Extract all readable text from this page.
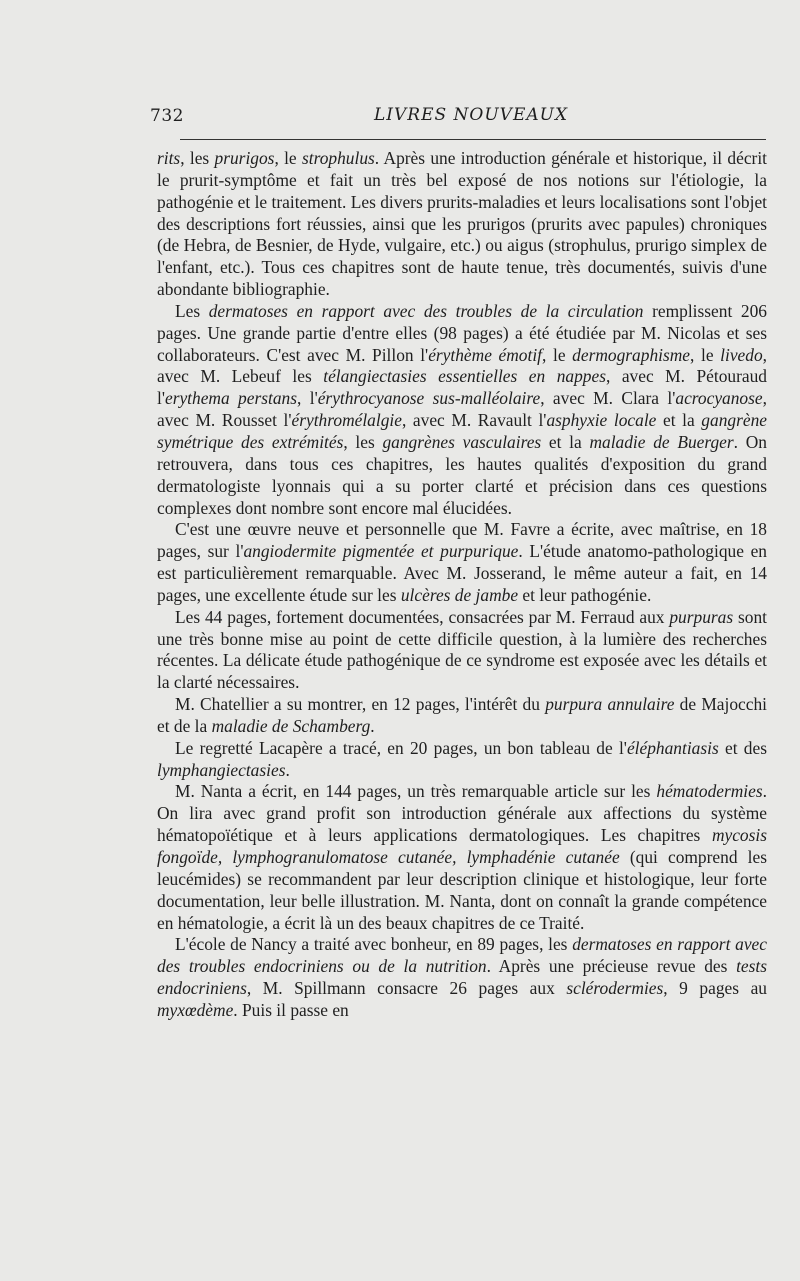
732	LIVRES NOUVEAUX

rits, les prurigos, le strophulus. Après une introduction générale et historique, il décrit le prurit-symptôme et fait un très bel exposé de nos notions sur l'étiologie, la pathogénie et le traitement. Les divers prurits-maladies et leurs localisations sont l'objet des descriptions fort réussies, ainsi que les prurigos (prurits avec papules) chroniques (de Hebra, de Besnier, de Hyde, vulgaire, etc.) ou aigus (strophulus, prurigo simplex de l'enfant, etc.). Tous ces chapitres sont de haute tenue, très documentés, suivis d'une abondante bibliographie.

Les dermatoses en rapport avec des troubles de la circulation remplissent 206 pages. Une grande partie d'entre elles (98 pages) a été étudiée par M. Nicolas et ses collaborateurs. C'est avec M. Pillon l'érythème émotif, le dermographisme, le livedo, avec M. Lebeuf les télangiectasies essentielles en nappes, avec M. Pétouraud l'erythema perstans, l'érythrocyanose sus-malléolaire, avec M. Clara l'acrocyanose, avec M. Rousset l'érythromélalgie, avec M. Ravault l'asphyxie locale et la gangrène symétrique des extrémités, les gangrènes vasculaires et la maladie de Buerger. On retrouvera, dans tous ces chapitres, les hautes qualités d'exposition du grand dermatologiste lyonnais qui a su porter clarté et précision dans ces questions complexes dont nombre sont encore mal élucidées.

C'est une œuvre neuve et personnelle que M. Favre a écrite, avec maîtrise, en 18 pages, sur l'angiodermite pigmentée et purpurique. L'étude anatomo-pathologique en est particulièrement remarquable. Avec M. Josserand, le même auteur a fait, en 14 pages, une excellente étude sur les ulcères de jambe et leur pathogénie.

Les 44 pages, fortement documentées, consacrées par M. Ferraud aux purpuras sont une très bonne mise au point de cette difficile question, à la lumière des recherches récentes. La délicate étude pathogénique de ce syndrome est exposée avec les détails et la clarté nécessaires.

M. Chatellier a su montrer, en 12 pages, l'intérêt du purpura annulaire de Majocchi et de la maladie de Schamberg.

Le regretté Lacapère a tracé, en 20 pages, un bon tableau de l'éléphantiasis et des lymphangiectasies.

M. Nanta a écrit, en 144 pages, un très remarquable article sur les hématodermies. On lira avec grand profit son introduction générale aux affections du système hématopoïétique et à leurs applications dermatologiques. Les chapitres mycosis fongoïde, lymphogranulomatose cutanée, lymphadénie cutanée (qui comprend les leucémides) se recommandent par leur description clinique et histologique, leur forte documentation, leur belle illustration. M. Nanta, dont on connaît la grande compétence en hématologie, a écrit là un des beaux chapitres de ce Traité.

L'école de Nancy a traité avec bonheur, en 89 pages, les dermatoses en rapport avec des troubles endocriniens ou de la nutrition. Après une précieuse revue des tests endocriniens, M. Spillmann consacre 26 pages aux sclérodermies, 9 pages au myxœdème. Puis il passe en
